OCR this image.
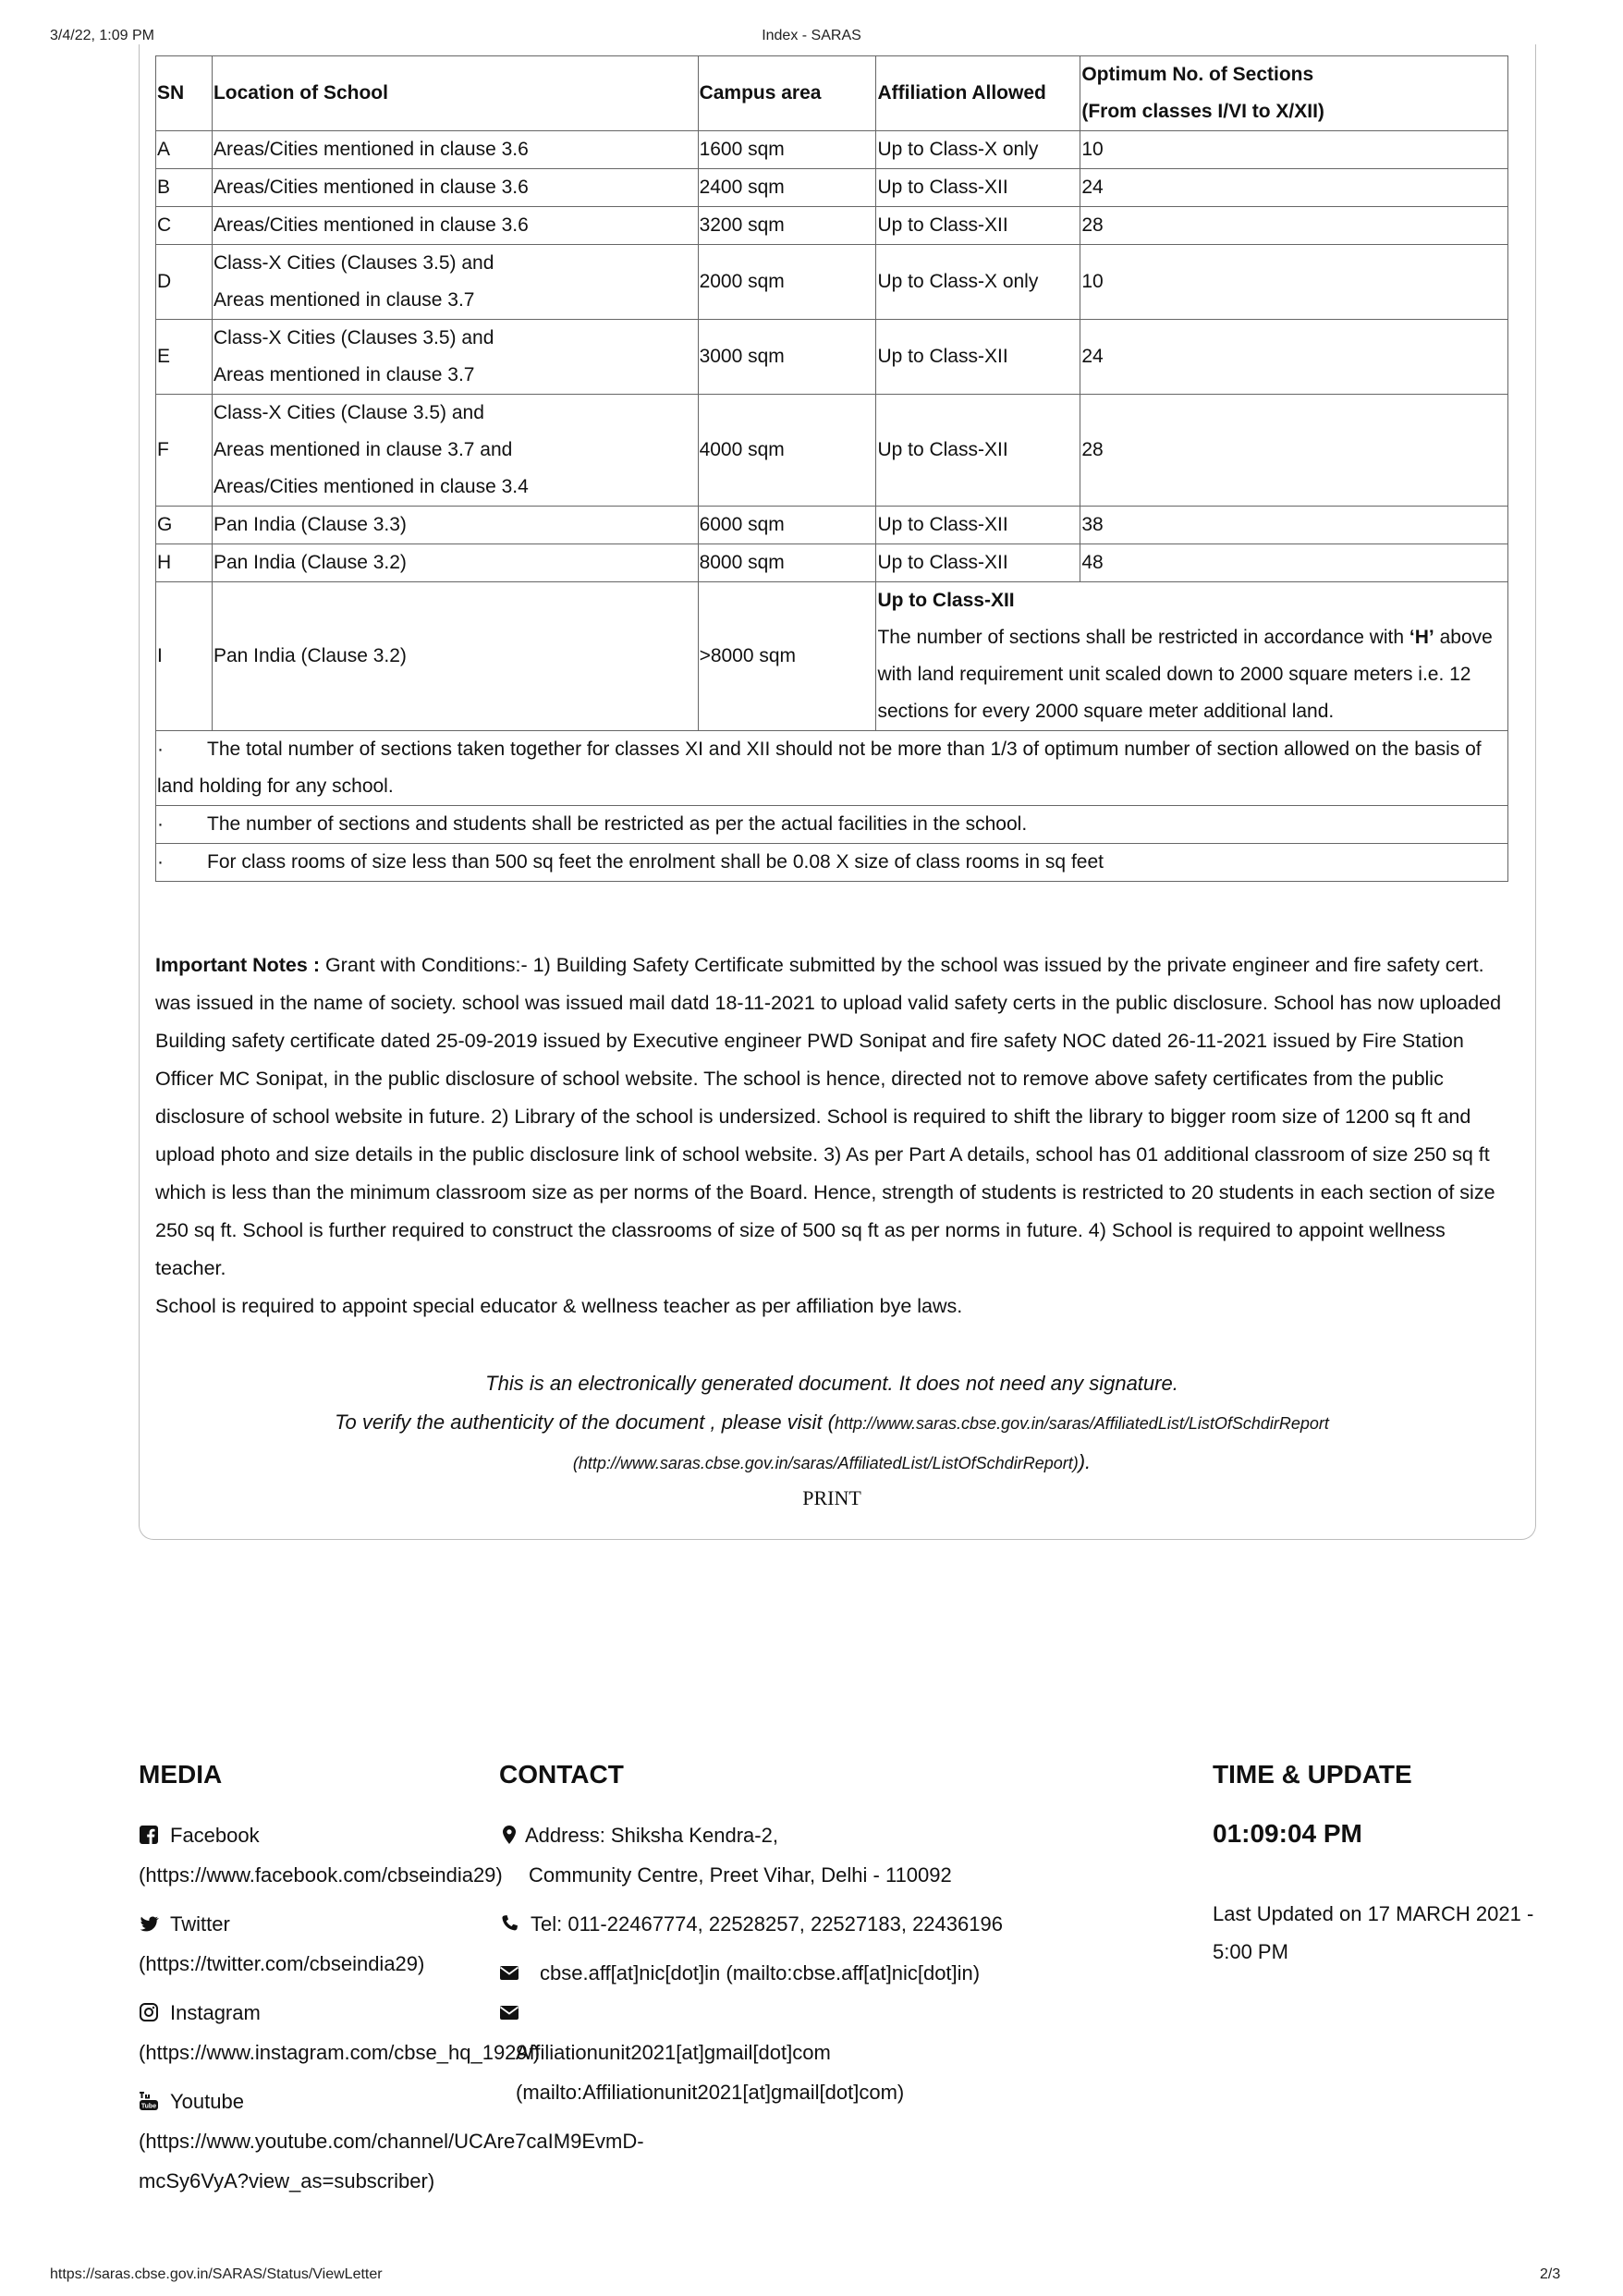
3/4/22, 1:09 PM	Index - SARAS
SN	Location of School	Campus area	Affiliation Allowed	Optimum No. of Sections
(From classes I/VI to X/XII)

A	Areas/Cities mentioned in clause 3.6	1600 sqm	Up to Class-X only	10
B	Areas/Cities mentioned in clause 3.6	2400 sqm	Up to Class-XII	24
C	Areas/Cities mentioned in clause 3.6	3200 sqm	Up to Class-XII	28
D	Class-X Cities (Clauses 3.5) and
Areas mentioned in clause 3.7	2000 sqm	Up to Class-X only	10
E	Class-X Cities (Clauses 3.5) and
Areas mentioned in clause 3.7	3000 sqm	Up to Class-XII	24
F	Class-X Cities (Clause 3.5) and
Areas mentioned in clause 3.7 and
Areas/Cities mentioned in clause 3.4	4000 sqm	Up to Class-XII	28
G	Pan India (Clause 3.3)	6000 sqm	Up to Class-XII	38
H	Pan India (Clause 3.2)	8000 sqm	Up to Class-XII	48
I	Pan India (Clause 3.2)	>8000 sqm	Up to Class-XII
The number of sections shall be restricted in accordance with ‘H’ above with land requirement unit scaled down to 2000 square meters i.e. 12 sections for every 2000 square meter additional land.	

· The total number of sections taken together for classes XI and XII should not be more than 1/3 of optimum number of section allowed on the basis of land holding for any school.				
· The number of sections and students shall be restricted as per the actual facilities in the school.				
· For class rooms of size less than 500 sq feet the enrolment shall be 0.08 X size of class rooms in sq feet				
Important Notes : Grant with Conditions:- 1) Building Safety Certificate submitted by the school was issued by the private engineer and fire safety cert. was issued in the name of society. school was issued mail datd 18-11-2021 to upload valid safety certs in the public disclosure. School has now uploaded Building safety certificate dated 25-09-2019 issued by Executive engineer PWD Sonipat and fire safety NOC dated 26-11-2021 issued by Fire Station Officer MC Sonipat, in the public disclosure of school website. The school is hence, directed not to remove above safety certificates from the public disclosure of school website in future. 2) Library of the school is undersized. School is required to shift the library to bigger room size of 1200 sq ft and upload photo and size details in the public disclosure link of school website. 3) As per Part A details, school has 01 additional classroom of size 250 sq ft which is less than the minimum classroom size as per norms of the Board. Hence, strength of students is restricted to 20 students in each section of size 250 sq ft. School is further required to construct the classrooms of size of 500 sq ft as per norms in future. 4) School is required to appoint wellness teacher.
School is required to appoint special educator & wellness teacher as per affiliation bye laws.
This is an electronically generated document. It does not need any signature.
To verify the authenticity of the document , please visit (http://www.saras.cbse.gov.in/saras/AffiliatedList/ListOfSchdirReport
(http://www.saras.cbse.gov.in/saras/AffiliatedList/ListOfSchdirReport)).
PRINT
MEDIA
Facebook
(https://www.facebook.com/cbseindia29)
Twitter
(https://twitter.com/cbseindia29)
Instagram
(https://www.instagram.com/cbse_hq_1929/)
Tube Youtube
(https://www.youtube.com/channel/UCAre7caIM9EvmD-
mcSy6VyA?view_as=subscriber)
CONTACT
Address: Shiksha Kendra-2,
Community Centre, Preet Vihar, Delhi - 110092
Tel: 011-22467774, 22528257, 22527183, 22436196
cbse.aff[at]nic[dot]in (mailto:cbse.aff[at]nic[dot]in)
Affiliationunit2021[at]gmail[dot]com
(mailto:Affiliationunit2021[at]gmail[dot]com)
TIME & UPDATE
01:09:04 PM
Last Updated on 17 MARCH 2021 -
5:00 PM
https://saras.cbse.gov.in/SARAS/Status/ViewLetter	2/3
